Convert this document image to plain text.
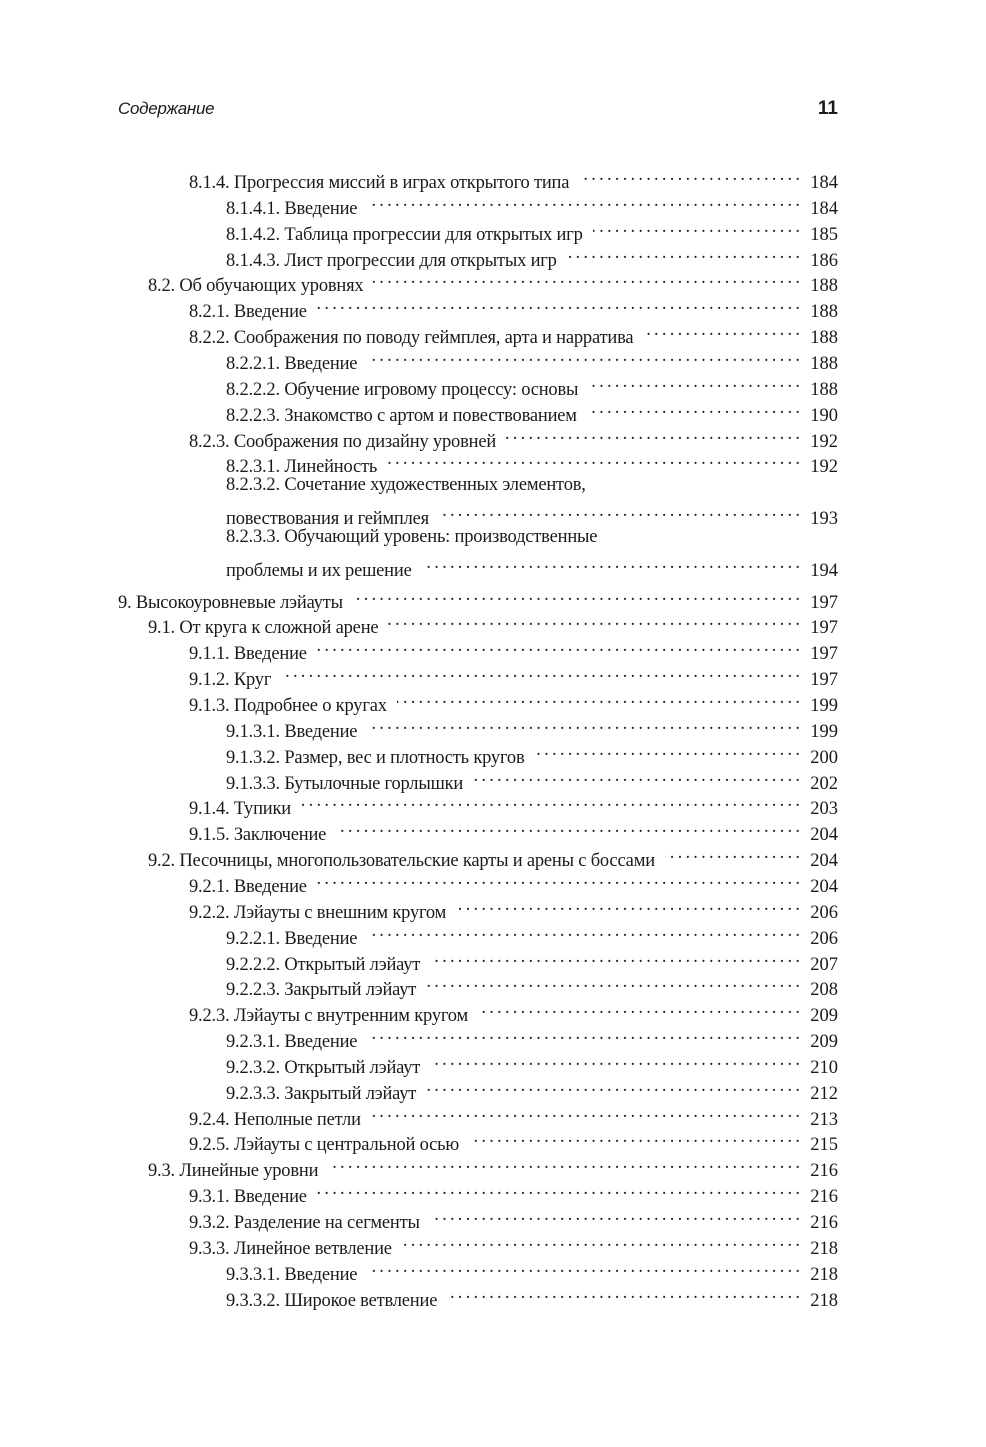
Содержание	11
8.1.4. Прогрессия миссий в играх открытого типа . . .	184
8.1.4.1. Введение . . .	184
8.1.4.2. Таблица прогрессии для открытых игр . . .	185
8.1.4.3. Лист прогрессии для открытых игр . . .	186
8.2. Об обучающих уровнях . . .	188
8.2.1. Введение . . .	188
8.2.2. Соображения по поводу геймплея, арта и нарратива . . .	188
8.2.2.1. Введение . . .	188
8.2.2.2. Обучение игровому процессу: основы . . .	188
8.2.2.3. Знакомство с артом и повествованием . . .	190
8.2.3. Соображения по дизайну уровней . . .	192
8.2.3.1. Линейность . . .	192
8.2.3.2. Сочетание художественных элементов,
повествования и геймплея . . .	193
8.2.3.3. Обучающий уровень: производственные
проблемы и их решение . . .	194
9. Высокоуровневые лэйауты . . .	197
9.1. От круга к сложной арене . . .	197
9.1.1. Введение . . .	197
9.1.2. Круг . . .	197
9.1.3. Подробнее о кругах . . .	199
9.1.3.1. Введение . . .	199
9.1.3.2. Размер, вес и плотность кругов . . .	200
9.1.3.3. Бутылочные горлышки . . .	202
9.1.4. Тупики . . .	203
9.1.5. Заключение . . .	204
9.2. Песочницы, многопользовательские карты и арены с боссами . . .	204
9.2.1. Введение . . .	204
9.2.2. Лэйауты с внешним кругом . . .	206
9.2.2.1. Введение . . .	206
9.2.2.2. Открытый лэйаут . . .	207
9.2.2.3. Закрытый лэйаут . . .	208
9.2.3. Лэйауты с внутренним кругом . . .	209
9.2.3.1. Введение . . .	209
9.2.3.2. Открытый лэйаут . . .	210
9.2.3.3. Закрытый лэйаут . . .	212
9.2.4. Неполные петли . . .	213
9.2.5. Лэйауты с центральной осью . . .	215
9.3. Линейные уровни . . .	216
9.3.1. Введение . . .	216
9.3.2. Разделение на сегменты . . .	216
9.3.3. Линейное ветвление . . .	218
9.3.3.1. Введение . . .	218
9.3.3.2. Широкое ветвление . . .	218
